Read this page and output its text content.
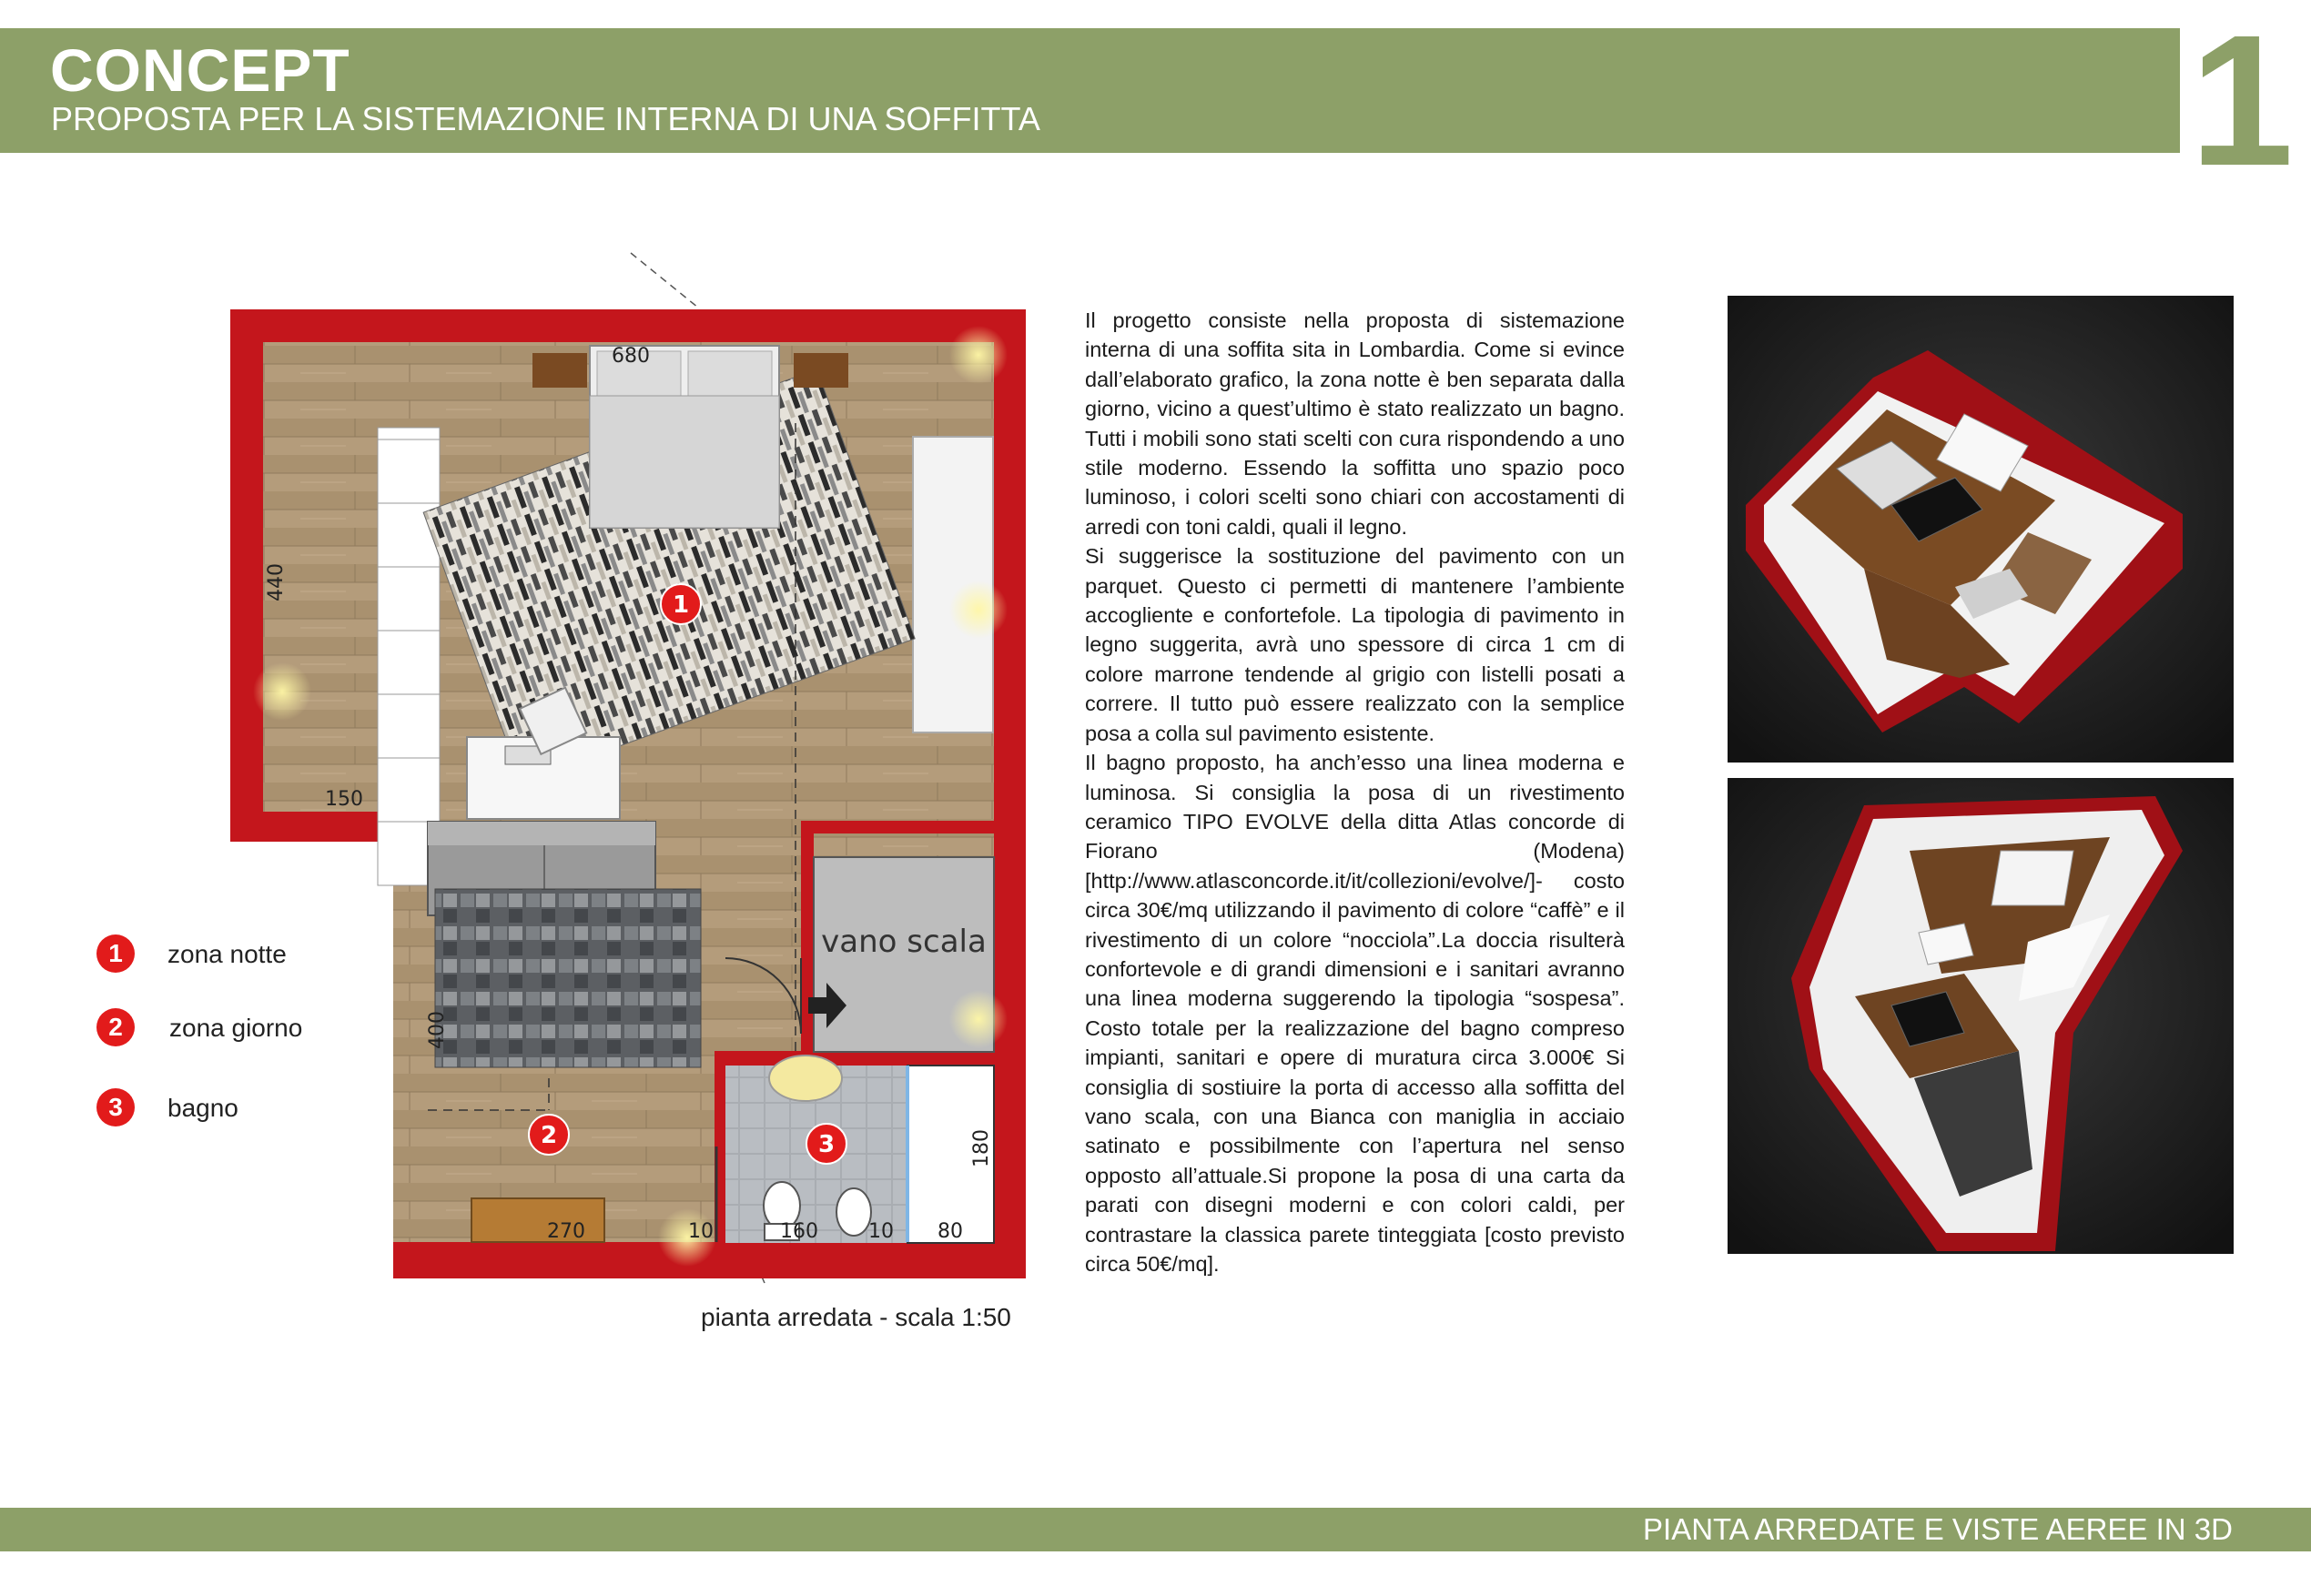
CONCEPT
PROPOSTA PER LA SISTEMAZIONE INTERNA DI UNA SOFFITTA	1
vano scala
680
440
150
400
270	10	160	10 80
180
1
2	3
pianta arredata - scala 1:50
1	zona notte
2	zona giorno
3	bagno

Il progetto consiste nella proposta di sistemazione interna di una soffita sita in Lombardia. Come si evince dall’elaborato grafico, la zona notte è ben separata dalla giorno, vicino a quest’ultimo è stato realizzato un bagno. Tutti i mobili sono stati scelti con cura rispondendo a uno stile moderno. Essendo la soffitta uno spazio poco luminoso, i colori scelti sono chiari con accostamenti di arredi con toni caldi, quali il legno.

Si suggerisce la sostituzione del pavimento con un parquet. Questo ci permetti di mantenere l’ambiente accogliente e confortefole. La tipologia di pavimento in legno suggerita, avrà uno spessore di circa 1 cm di colore marrone tendende al grigio con listelli posati a correre. Il tutto può essere realizzato con la semplice posa a colla sul pavimento esistente.

Il bagno proposto, ha anch’esso una linea moderna e luminosa. Si consiglia la posa di un rivestimento ceramico TIPO EVOLVE della ditta Atlas concorde di Fiorano (Modena) [http://www.atlasconcorde.it/it/collezioni/evolve/]- costo circa 30€/mq utilizzando il pavimento di colore “caffè” e il rivestimento di un colore “nocciola”.La doccia risulterà confortevole e di grandi dimensioni e i sanitari avranno una linea moderna suggerendo la tipologia “sospesa”. Costo totale per la realizzazione del bagno compreso impianti, sanitari e opere di muratura circa 3.000€ Si consiglia di sostiuire la porta di accesso alla soffitta del vano scala, con una Bianca con maniglia in acciaio satinato e possibilmente con l’apertura nel senso opposto all’attuale.Si propone la posa di una carta da parati con disegni moderni e con colori caldi, per contrastare la classica parete tinteggiata [costo previsto circa 50€/mq].

PIANTA ARREDATE E VISTE AEREE IN 3D
